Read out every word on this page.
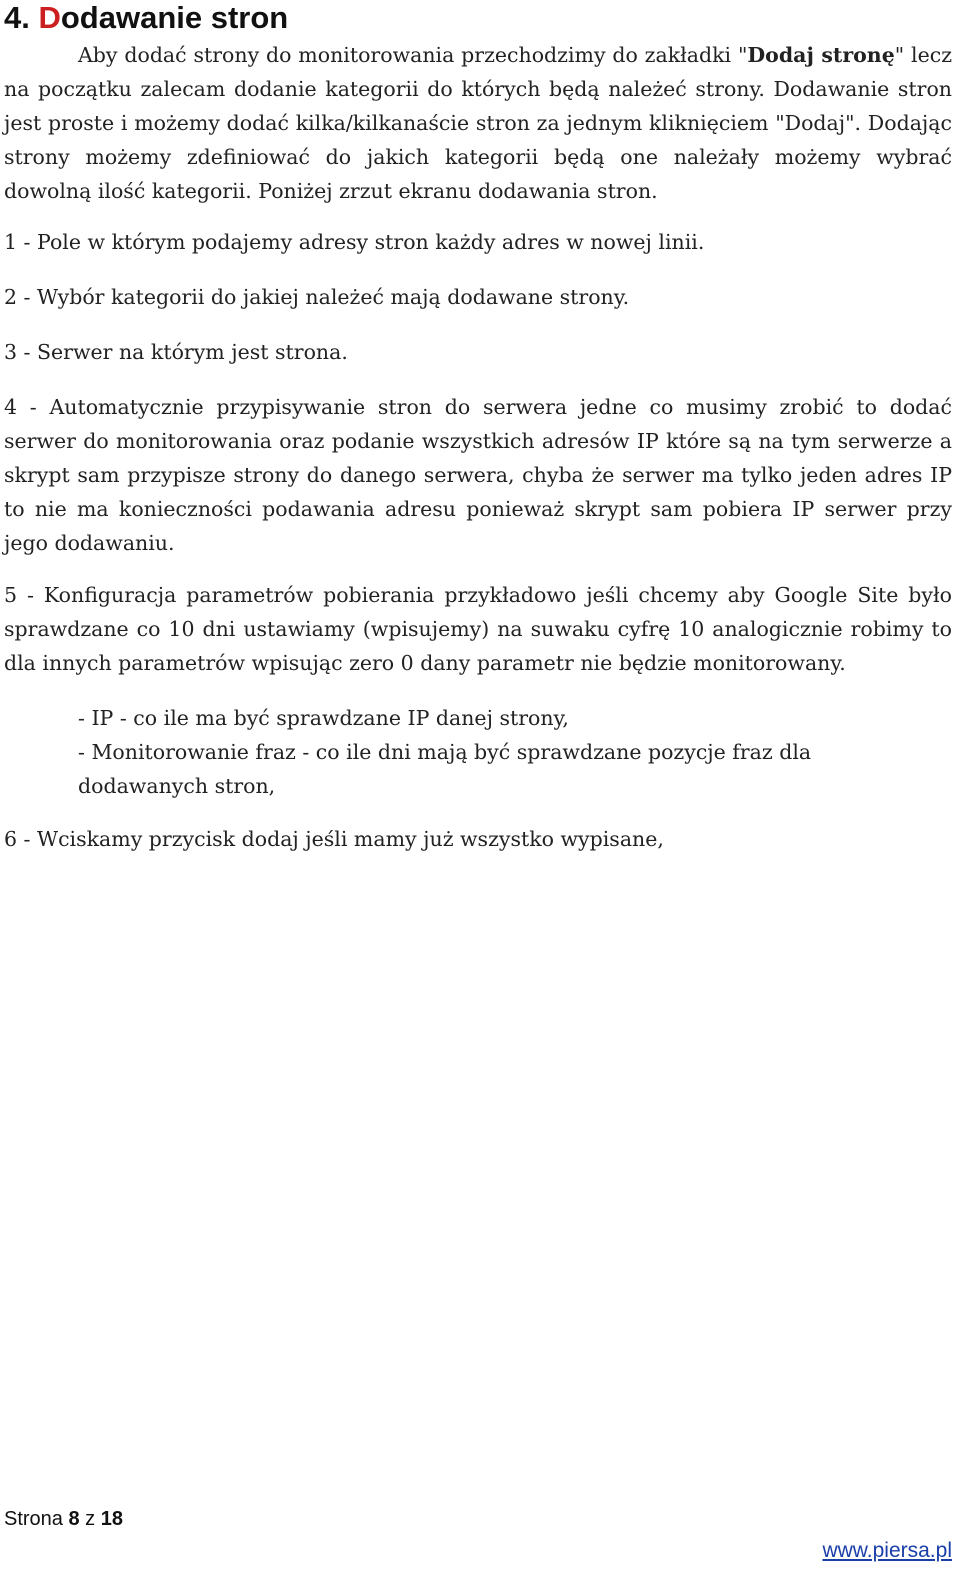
4. Dodawanie stron
Aby dodać strony do monitorowania przechodzimy do zakładki "Dodaj stronę" lecz na początku zalecam dodanie kategorii do których będą należeć strony. Dodawanie stron jest proste i możemy dodać kilka/kilkanaście stron za jednym kliknięciem "Dodaj". Dodając strony możemy zdefiniować do jakich kategorii będą one należały możemy wybrać dowolną ilość kategorii. Poniżej zrzut ekranu dodawania stron.
1 - Pole w którym podajemy adresy stron każdy adres w nowej linii.
2 - Wybór kategorii do jakiej należeć mają dodawane strony.
3 - Serwer na którym jest strona.
4 - Automatycznie przypisywanie stron do serwera jedne co musimy zrobić to dodać serwer do monitorowania oraz podanie wszystkich adresów IP które są na tym serwerze a skrypt sam przypisze strony do danego serwera, chyba że serwer ma tylko jeden adres IP to nie ma konieczności podawania adresu ponieważ skrypt sam pobiera IP serwer przy jego dodawaniu.
5 - Konfiguracja parametrów pobierania przykładowo jeśli chcemy aby Google Site było sprawdzane co 10 dni ustawiamy (wpisujemy) na suwaku cyfrę 10 analogicznie robimy to dla innych parametrów wpisując zero 0 dany parametr nie będzie monitorowany.
- IP - co ile ma być sprawdzane IP danej strony,
- Monitorowanie fraz - co ile dni mają być sprawdzane pozycje fraz dla dodawanych stron,
6 - Wciskamy przycisk dodaj jeśli mamy już wszystko wypisane,
Strona 8 z 18
www.piersa.pl
